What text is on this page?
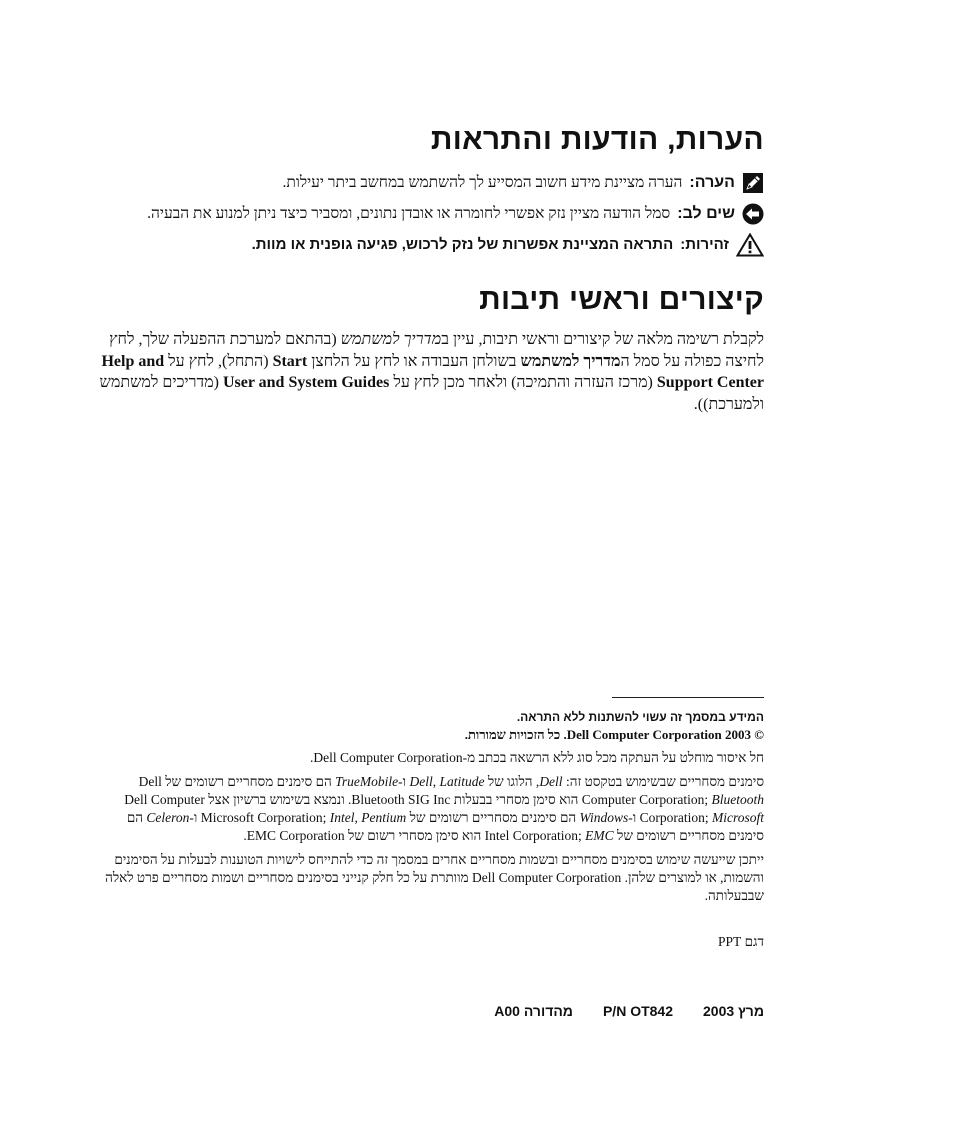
הערות, הודעות והתראות
הערה:
הערה מציינת מידע חשוב המסייע לך להשתמש במחשב ביתר יעילות.
שים לב:
סמל הודעה מציין נזק אפשרי לחומרה או אובדן נתונים, ומסביר כיצד ניתן למנוע את הבעיה.
זהירות:
התראה המציינת אפשרות של נזק לרכוש, פגיעה גופנית או מוות.
קיצורים וראשי תיבות
לקבלת רשימה מלאה של קיצורים וראשי תיבות, עיין במדריך למשתמש (בהתאם למערכת ההפעלה שלך, לחץ לחיצה כפולה על סמל המדריך למשתמש בשולחן העבודה או לחץ על הלחצן Start (התחל), לחץ על Help and Support Center (מרכז העזרה והתמיכה) ולאחר מכן לחץ על User and System Guides (מדריכים למשתמש ולמערכת)).
המידע במסמך זה עשוי להשתנות ללא התראה.
© 2003 Dell Computer Corporation. כל הזכויות שמורות.
חל איסור מוחלט על העתקה מכל סוג ללא הרשאה בכתב מ-Dell Computer Corporation.
סימנים מסחריים שבשימוש בטקסט זה: Dell, הלוגו של Dell, Latitude ו-TrueMobile הם סימנים מסחריים רשומים של Dell Computer Corporation; Bluetooth הוא סימן מסחרי בבעלות Bluetooth SIG Inc. ונמצא בשימוש ברשיון אצל Dell Computer Corporation; Microsoft ו-Windows הם סימנים מסחריים רשומים של Microsoft Corporation; Intel, Pentium ו-Celeron הם סימנים מסחריים רשומים של Intel Corporation; EMC הוא סימן מסחרי רשום של EMC Corporation.
ייתכן שייעשה שימוש בסימנים מסחריים ובשמות מסחריים אחרים במסמך זה כדי להתייחס לישויות הטוענות לבעלות על הסימנים והשמות, או למוצרים שלהן. Dell Computer Corporation מוותרת על כל חלק קנייני בסימנים מסחריים ושמות מסחריים פרט לאלה שבבעלותה.
דגם PPT
מרץ 2003
P/N OT842
מהדורה A00
